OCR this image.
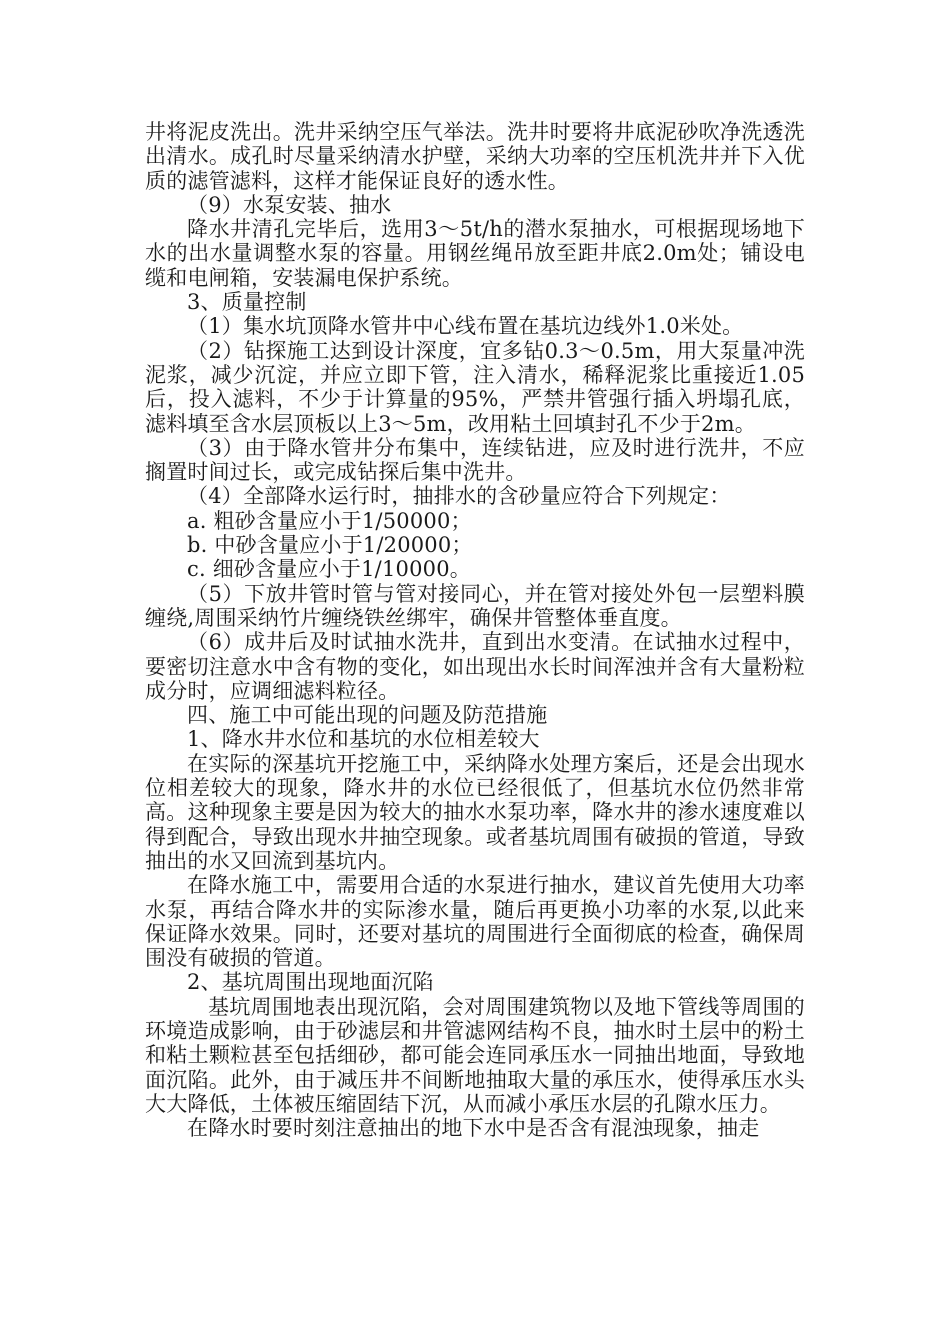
井将泥皮洗出。洗井采纳空压气举法。洗井时要将井底泥砂吹净洗透洗出清水。成孔时尽量采纳清水护壁，采纳大功率的空压机洗井并下入优质的滤管滤料，这样才能保证良好的透水性。

（9）水泵安装、抽水

降水井清孔完毕后，选用3～5t/h的潜水泵抽水，可根据现场地下水的出水量调整水泵的容量。用钢丝绳吊放至距井底2.0m处；铺设电缆和电闸箱，安装漏电保护系统。

3、质量控制

（1）集水坑顶降水管井中心线布置在基坑边线外1.0米处。

（2）钻探施工达到设计深度，宜多钻0.3～0.5m，用大泵量冲洗泥浆，减少沉淀，并应立即下管，注入清水，稀释泥浆比重接近1.05后，投入滤料，不少于计算量的95%，严禁井管强行插入坍塌孔底，滤料填至含水层顶板以上3～5m，改用粘土回填封孔不少于2m。

（3）由于降水管井分布集中，连续钻进，应及时进行洗井，不应搁置时间过长，或完成钻探后集中洗井。

（4）全部降水运行时，抽排水的含砂量应符合下列规定：

a. 粗砂含量应小于1/50000；

b. 中砂含量应小于1/20000；

c. 细砂含量应小于1/10000。

（5）下放井管时管与管对接同心，并在管对接处外包一层塑料膜缠绕,周围采纳竹片缠绕铁丝绑牢，确保井管整体垂直度。

（6）成井后及时试抽水洗井，直到出水变清。在试抽水过程中，要密切注意水中含有物的变化，如出现出水长时间浑浊并含有大量粉粒成分时，应调细滤料粒径。

四、施工中可能出现的问题及防范措施

1、降水井水位和基坑的水位相差较大

在实际的深基坑开挖施工中，采纳降水处理方案后，还是会出现水位相差较大的现象，降水井的水位已经很低了，但基坑水位仍然非常高。这种现象主要是因为较大的抽水水泵功率，降水井的渗水速度难以得到配合，导致出现水井抽空现象。或者基坑周围有破损的管道，导致抽出的水又回流到基坑内。

在降水施工中，需要用合适的水泵进行抽水，建议首先使用大功率水泵，再结合降水井的实际渗水量，随后再更换小功率的水泵,以此来保证降水效果。同时，还要对基坑的周围进行全面彻底的检查，确保周围没有破损的管道。

2、基坑周围出现地面沉陷

基坑周围地表出现沉陷，会对周围建筑物以及地下管线等周围的环境造成影响，由于砂滤层和井管滤网结构不良，抽水时土层中的粉土和粘土颗粒甚至包括细砂，都可能会连同承压水一同抽出地面，导致地面沉陷。此外，由于减压井不间断地抽取大量的承压水，使得承压水头大大降低，土体被压缩固结下沉，从而减小承压水层的孔隙水压力。

在降水时要时刻注意抽出的地下水中是否含有混浊现象，抽走
